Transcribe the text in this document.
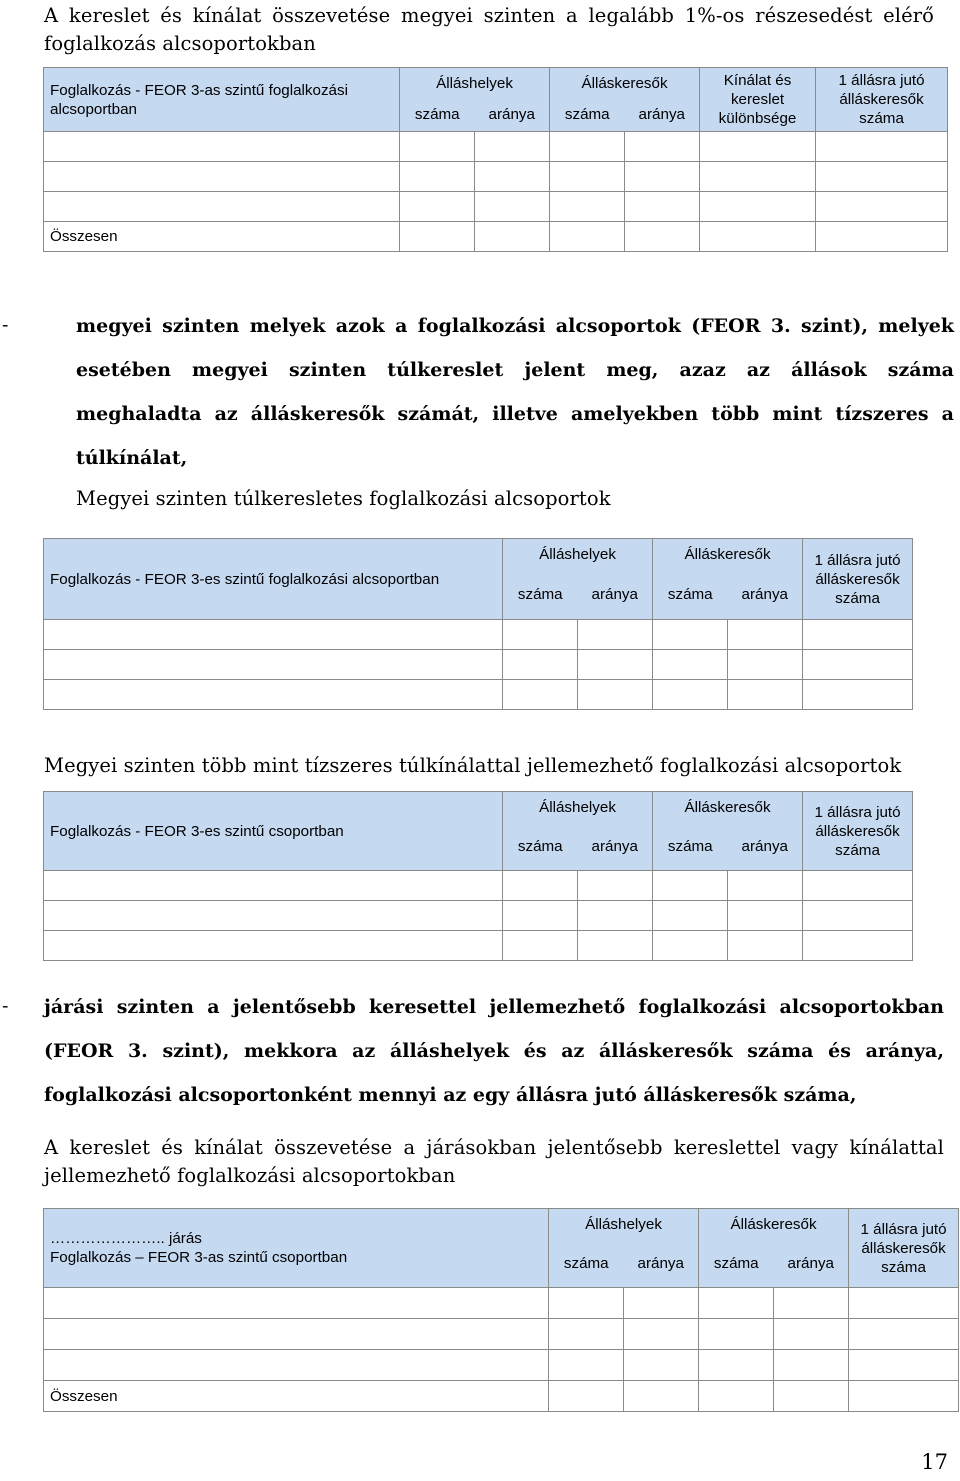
A kereslet és kínálat összevetése megyei szinten a legalább 1%-os részesedést elérő foglalkozás alcsoportokban
Foglalkozás - FEOR 3-as szintű foglalkozási alcsoportban	Álláshelyek		Álláskeresők		Kínálat és kereslet különbsége	1 állásra jutó álláskeresők száma
	száma	aránya	száma	aránya		

Összesen						
-	megyei szinten melyek azok a foglalkozási alcsoportok (FEOR 3. szint), melyek esetében megyei szinten túlkereslet jelent meg, azaz az állások száma meghaladta az álláskeresők számát, illetve amelyekben több mint tízszeres a túlkínálat,
Megyei szinten túlkeresletes foglalkozási alcsoportok
Foglalkozás - FEOR 3-es szintű foglalkozási alcsoportban	Álláshelyek		Álláskeresők		1 állásra jutó álláskeresők száma
	száma	aránya	száma	aránya	

Megyei szinten több mint tízszeres túlkínálattal jellemezhető foglalkozási alcsoportok
Foglalkozás - FEOR 3-es szintű csoportban	Álláshelyek		Álláskeresők		1 állásra jutó álláskeresők száma
	száma	aránya	száma	aránya	

- járási szinten a jelentősebb keresettel jellemezhető foglalkozási alcsoportokban (FEOR 3. szint), mekkora az álláshelyek és az álláskeresők száma és aránya, foglalkozási alcsoportonként mennyi az egy állásra jutó álláskeresők száma,
A kereslet és kínálat összevetése a járásokban jelentősebb kereslettel vagy kínálattal jellemezhető foglalkozási alcsoportokban
………………….. járás
Foglalkozás – FEOR 3-as szintű csoportban	Álláshelyek		Álláskeresők		1 állásra jutó álláskeresők száma
	száma	aránya	száma	aránya	

Összesen					
17
